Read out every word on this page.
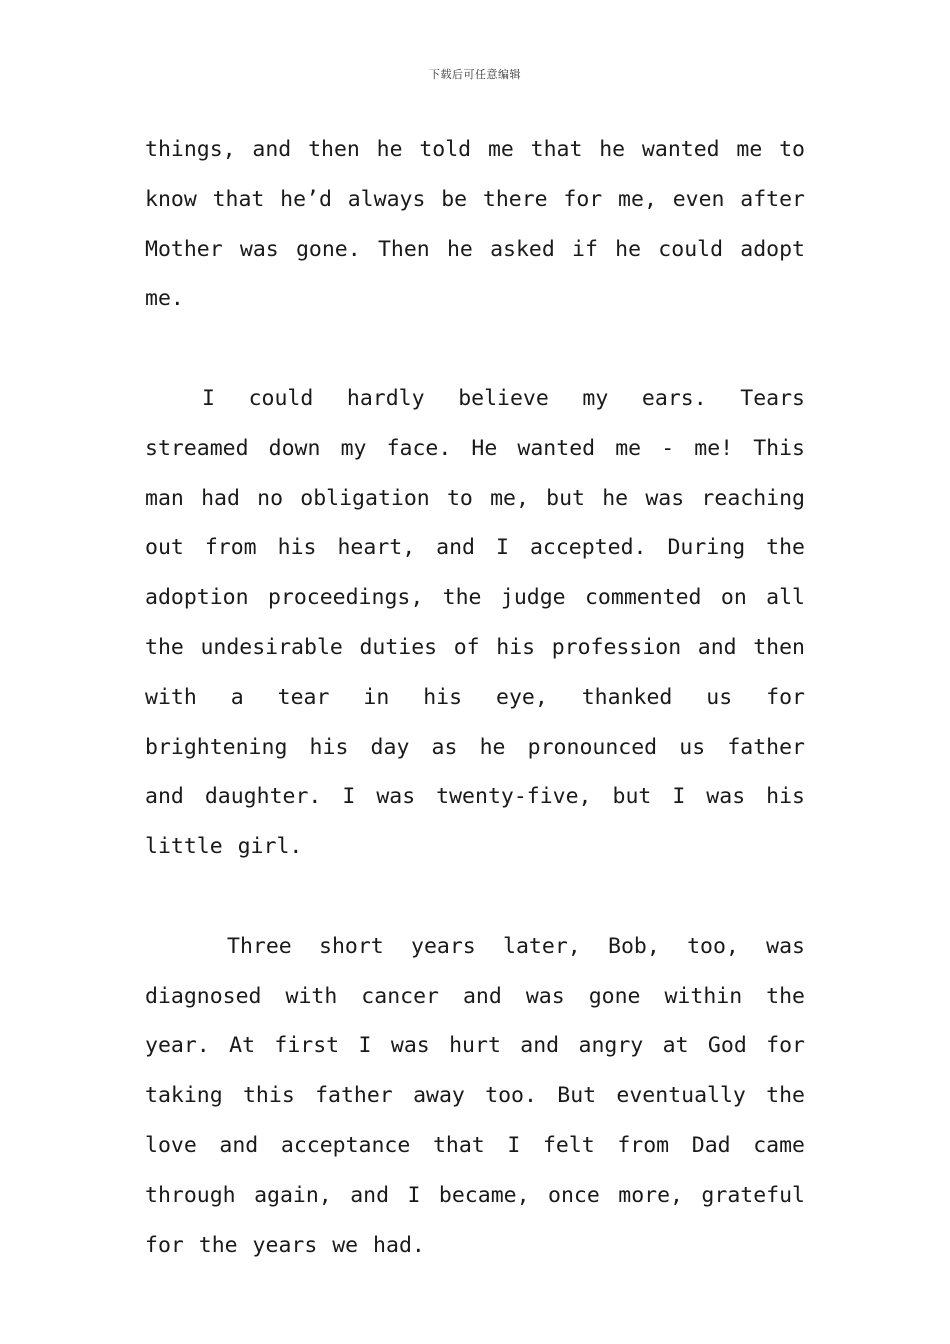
下载后可任意编辑

things, and then he told me that he wanted me to know that he’d always be there for me, even after Mother was gone. Then he asked if he could adopt me.

I could hardly believe my ears. Tears streamed down my face. He wanted me - me! This man had no obligation to me, but he was reaching out from his heart, and I accepted. During the adoption proceedings, the judge commented on all the undesirable duties of his profession and then with a tear in his eye, thanked us for brightening his day as he pronounced us father and daughter. I was twenty-five, but I was his little girl.

Three short years later, Bob, too, was diagnosed with cancer and was gone within the year. At first I was hurt and angry at God for taking this father away too. But eventually the love and acceptance that I felt from Dad came through again, and I became, once more, grateful for the years we had.
